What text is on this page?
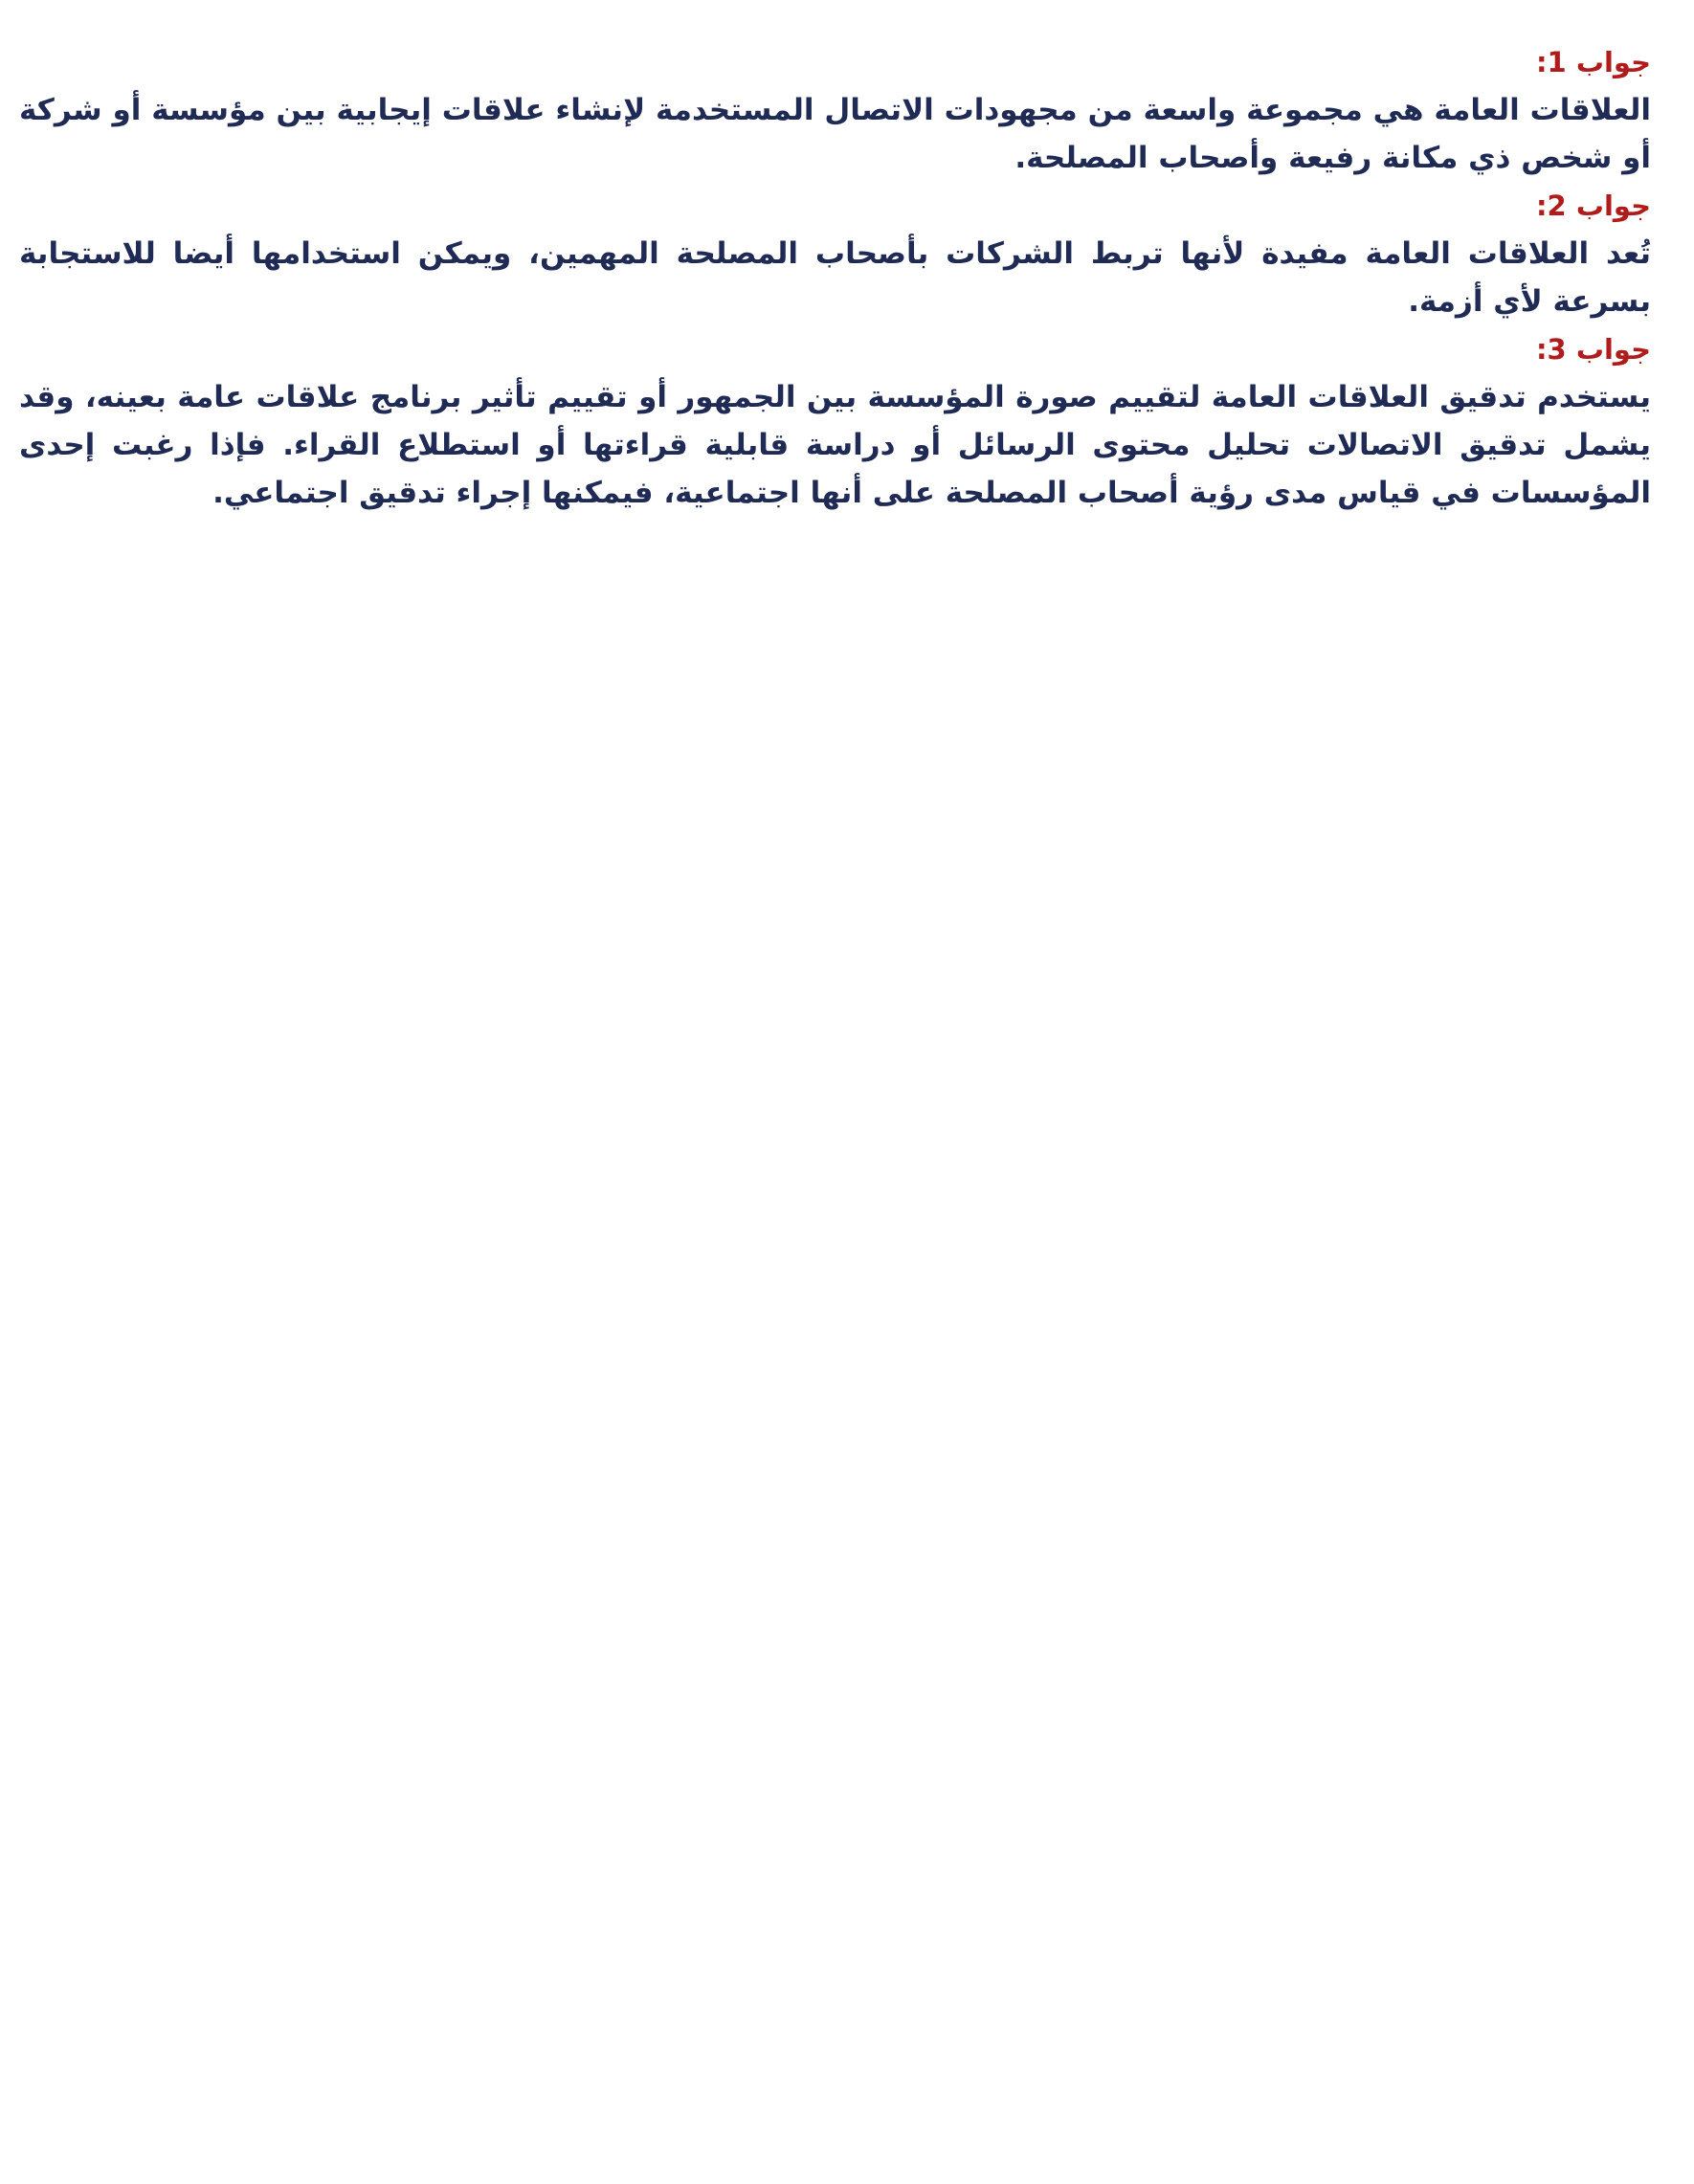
جواب 1:

العلاقات العامة هي مجموعة واسعة من مجهودات الاتصال المستخدمة لإنشاء علاقات إيجابية بين مؤسسة أو شركة أو شخص ذي مكانة رفيعة وأصحاب المصلحة.

جواب 2:

تُعد العلاقات العامة مفيدة لأنها تربط الشركات بأصحاب المصلحة المهمين، ويمكن استخدامها أيضا للاستجابة بسرعة لأي أزمة.

جواب 3:

يستخدم تدقيق العلاقات العامة لتقييم صورة المؤسسة بين الجمهور أو تقييم تأثير برنامج علاقات عامة بعينه، وقد يشمل تدقيق الاتصالات تحليل محتوى الرسائل أو دراسة قابلية قراءتها أو استطلاع القراء. فإذا رغبت إحدى المؤسسات في قياس مدى رؤية أصحاب المصلحة على أنها اجتماعية، فيمكنها إجراء تدقيق اجتماعي.
